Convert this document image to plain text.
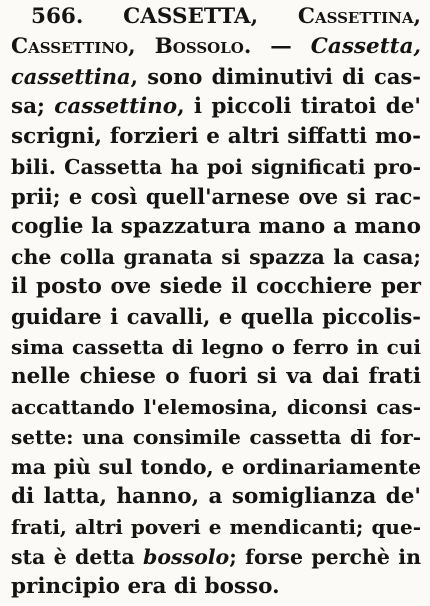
566. CASSETTA, Cassettina,
Cassettino, Bossolo. — Cassetta,
cassettina, sono diminutivi di cas-
sa; cassettino, i piccoli tiratoi de'
scrigni, forzieri e altri siffatti mo-
bili. Cassetta ha poi significati pro-
prii; e così quell'arnese ove si rac-
coglie la spazzatura mano a mano
che colla granata si spazza la casa;
il posto ove siede il cocchiere per
guidare i cavalli, e quella piccolis-
sima cassetta di legno o ferro in cui
nelle chiese o fuori si va dai frati
accattando l'elemosina, diconsi cas-
sette: una consimile cassetta di for-
ma più sul tondo, e ordinariamente
di latta, hanno, a somiglianza de'
frati, altri poveri e mendicanti; que-
sta è detta bossolo; forse perchè in
principio era di bosso.
